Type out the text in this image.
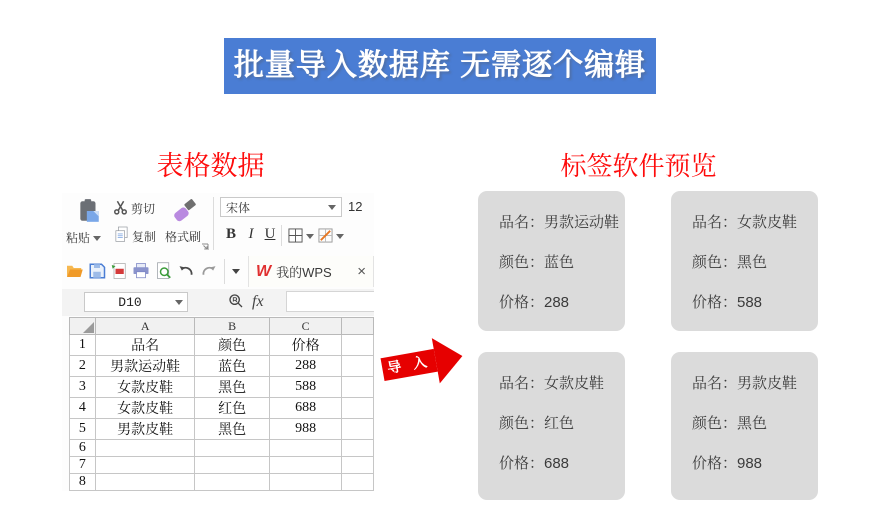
批量导入数据库 无需逐个编辑
表格数据	标签软件预览
粘贴
剪切
复制 格式刷
宋体	12
B I U
W 我的WPS ×
D10	fx
	A	B	C	
1	品名	颜色	价格	
2	男款运动鞋	蓝色	288	
3	女款皮鞋	黑色	588	
4	女款皮鞋	红色	688	
5	男款皮鞋	黑色	988	
6				
7				
8				
导 入
品名：男款运动鞋
颜色：蓝色
价格：288
品名：女款皮鞋
颜色：黑色
价格：588
品名：女款皮鞋
颜色：红色
价格：688
品名：男款皮鞋
颜色：黑色
价格：988
